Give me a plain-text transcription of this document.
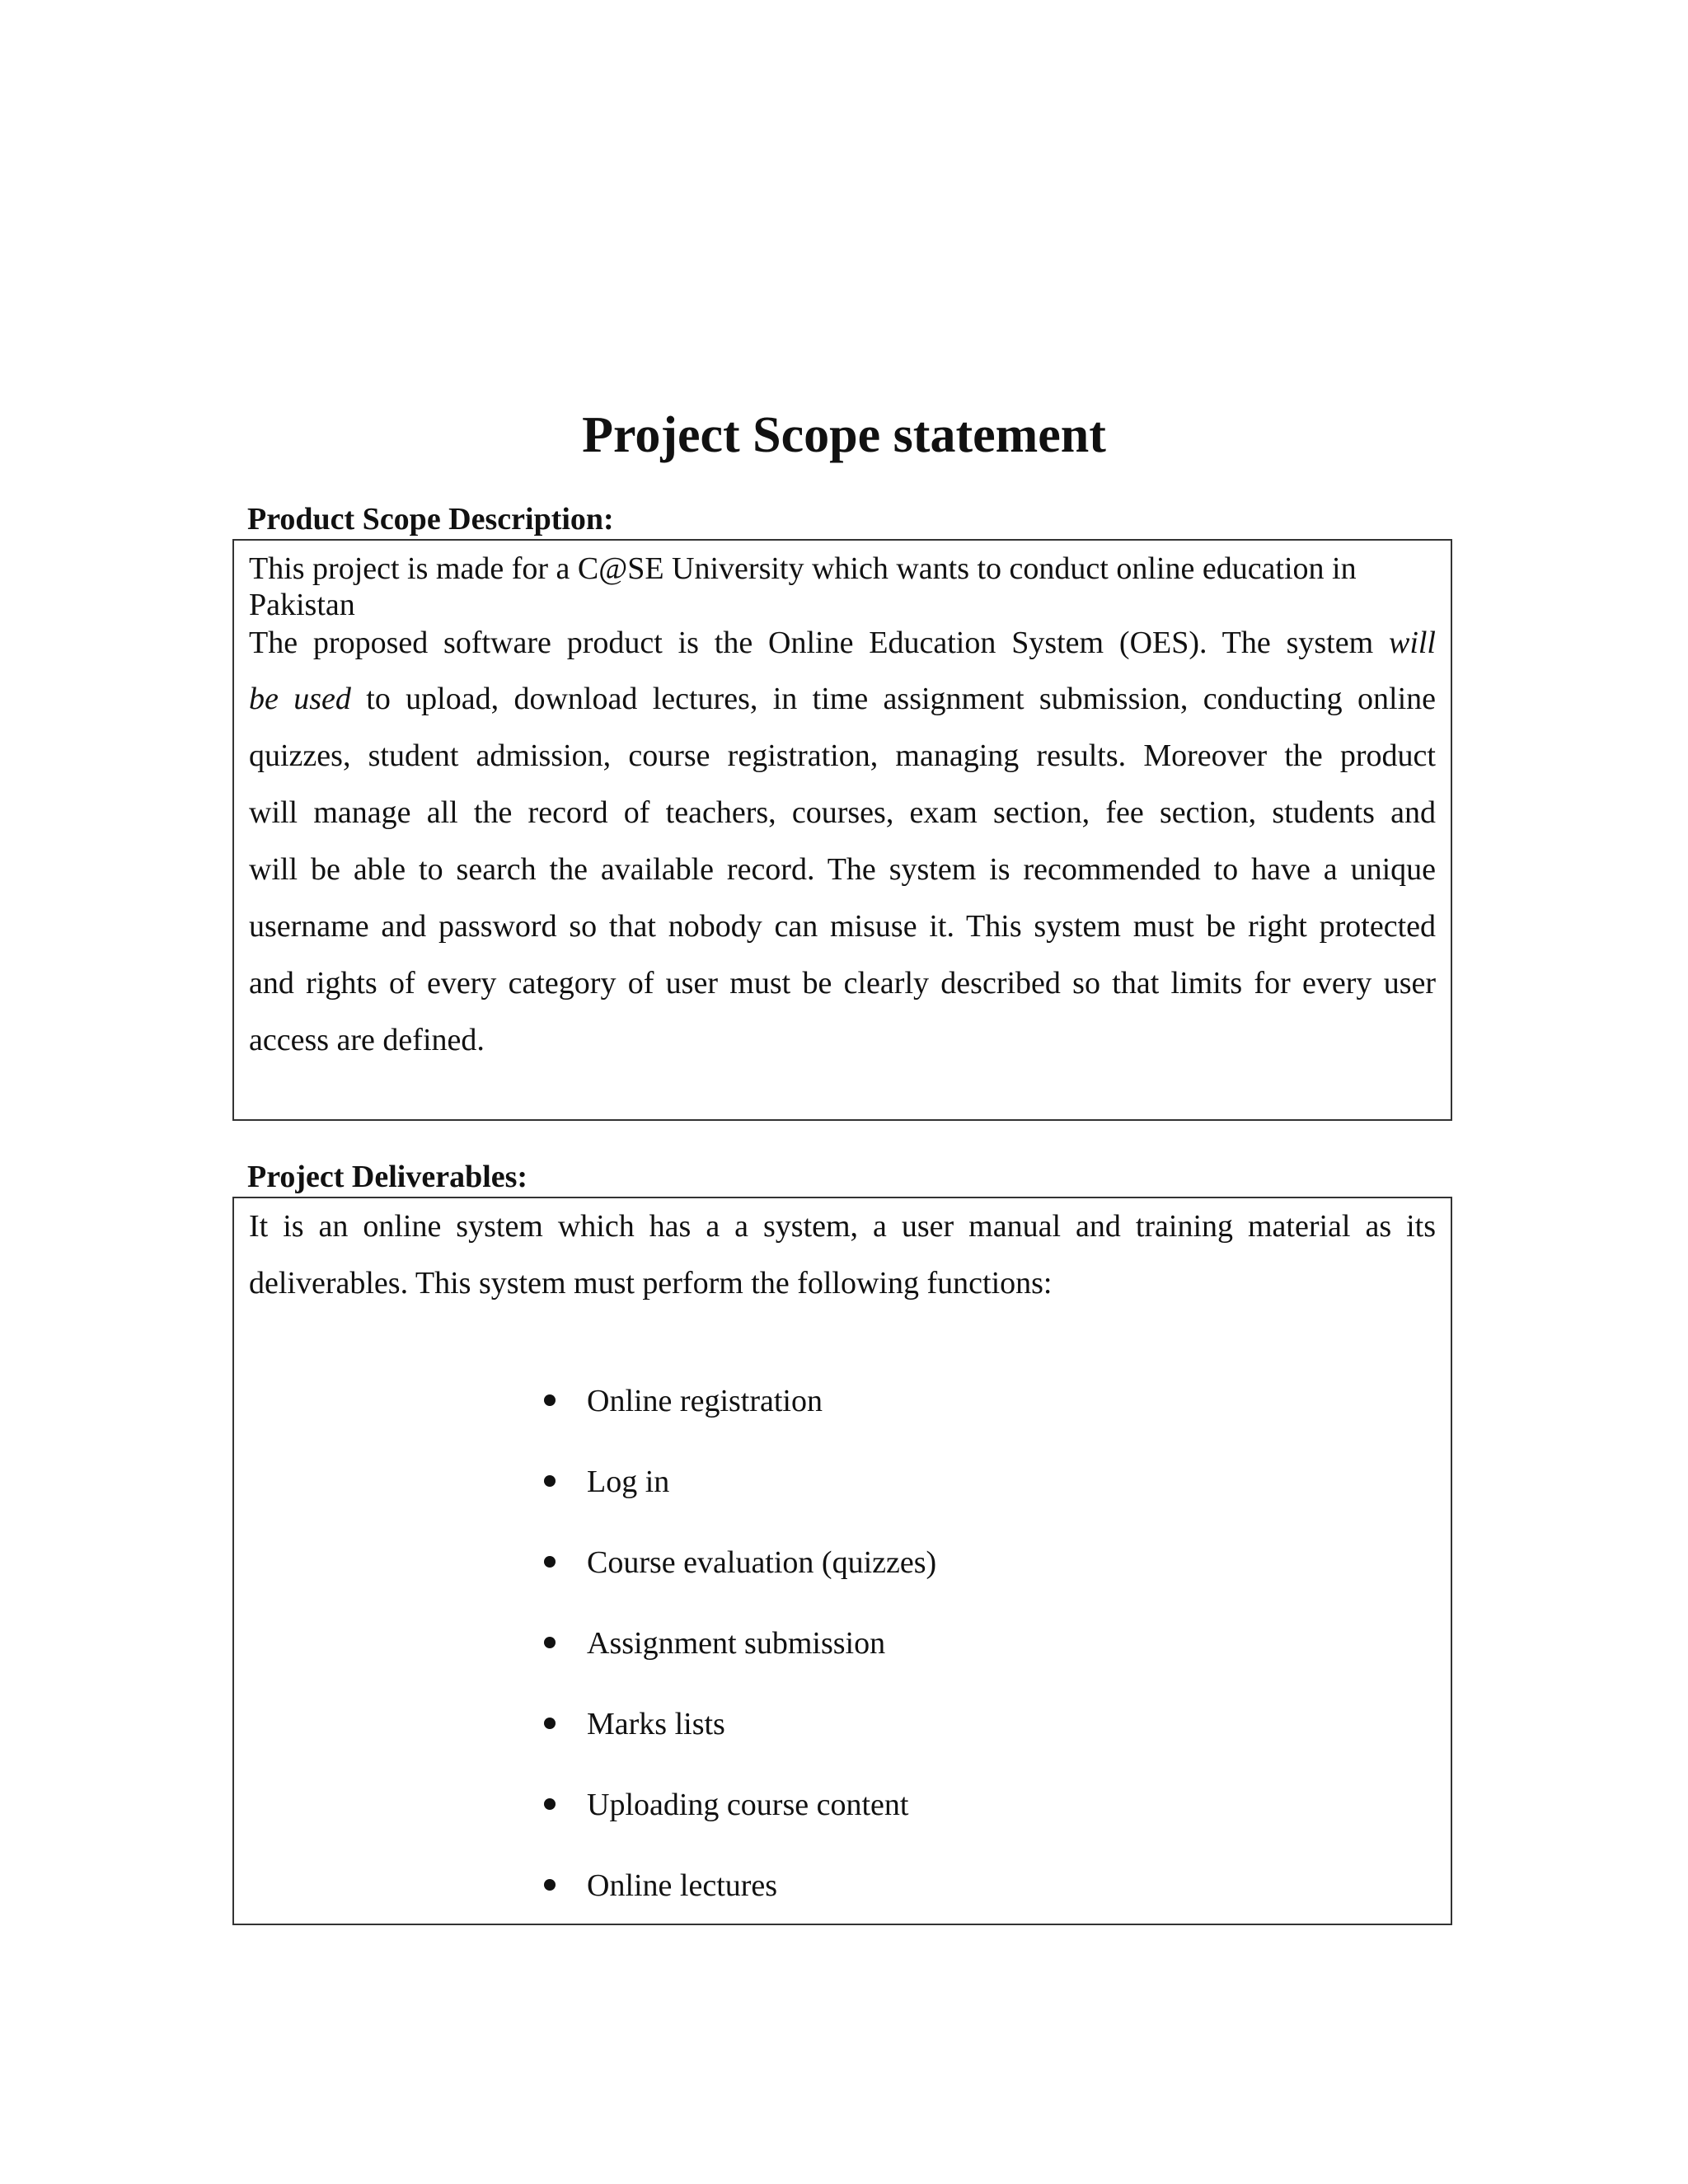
Project Scope statement
Product Scope Description:
This project is made for a C@SE University which wants to conduct online education in
Pakistan
The proposed software product is the Online Education System (OES). The system will
be used to upload, download lectures, in time assignment submission, conducting online
quizzes, student admission, course registration, managing results. Moreover the product
will manage all the record of teachers, courses, exam section, fee section, students and
will be able to search the available record. The system is recommended to have a unique
username and password so that nobody can misuse it. This system must be right protected
and rights of every category of user must be clearly described so that limits for every user
access are defined.
Project Deliverables:
It is an online system which has a a system, a user manual and training material as its
deliverables. This system must perform the following functions:
Online registration
Log in
Course evaluation (quizzes)
Assignment submission
Marks lists
Uploading course content
Online lectures
